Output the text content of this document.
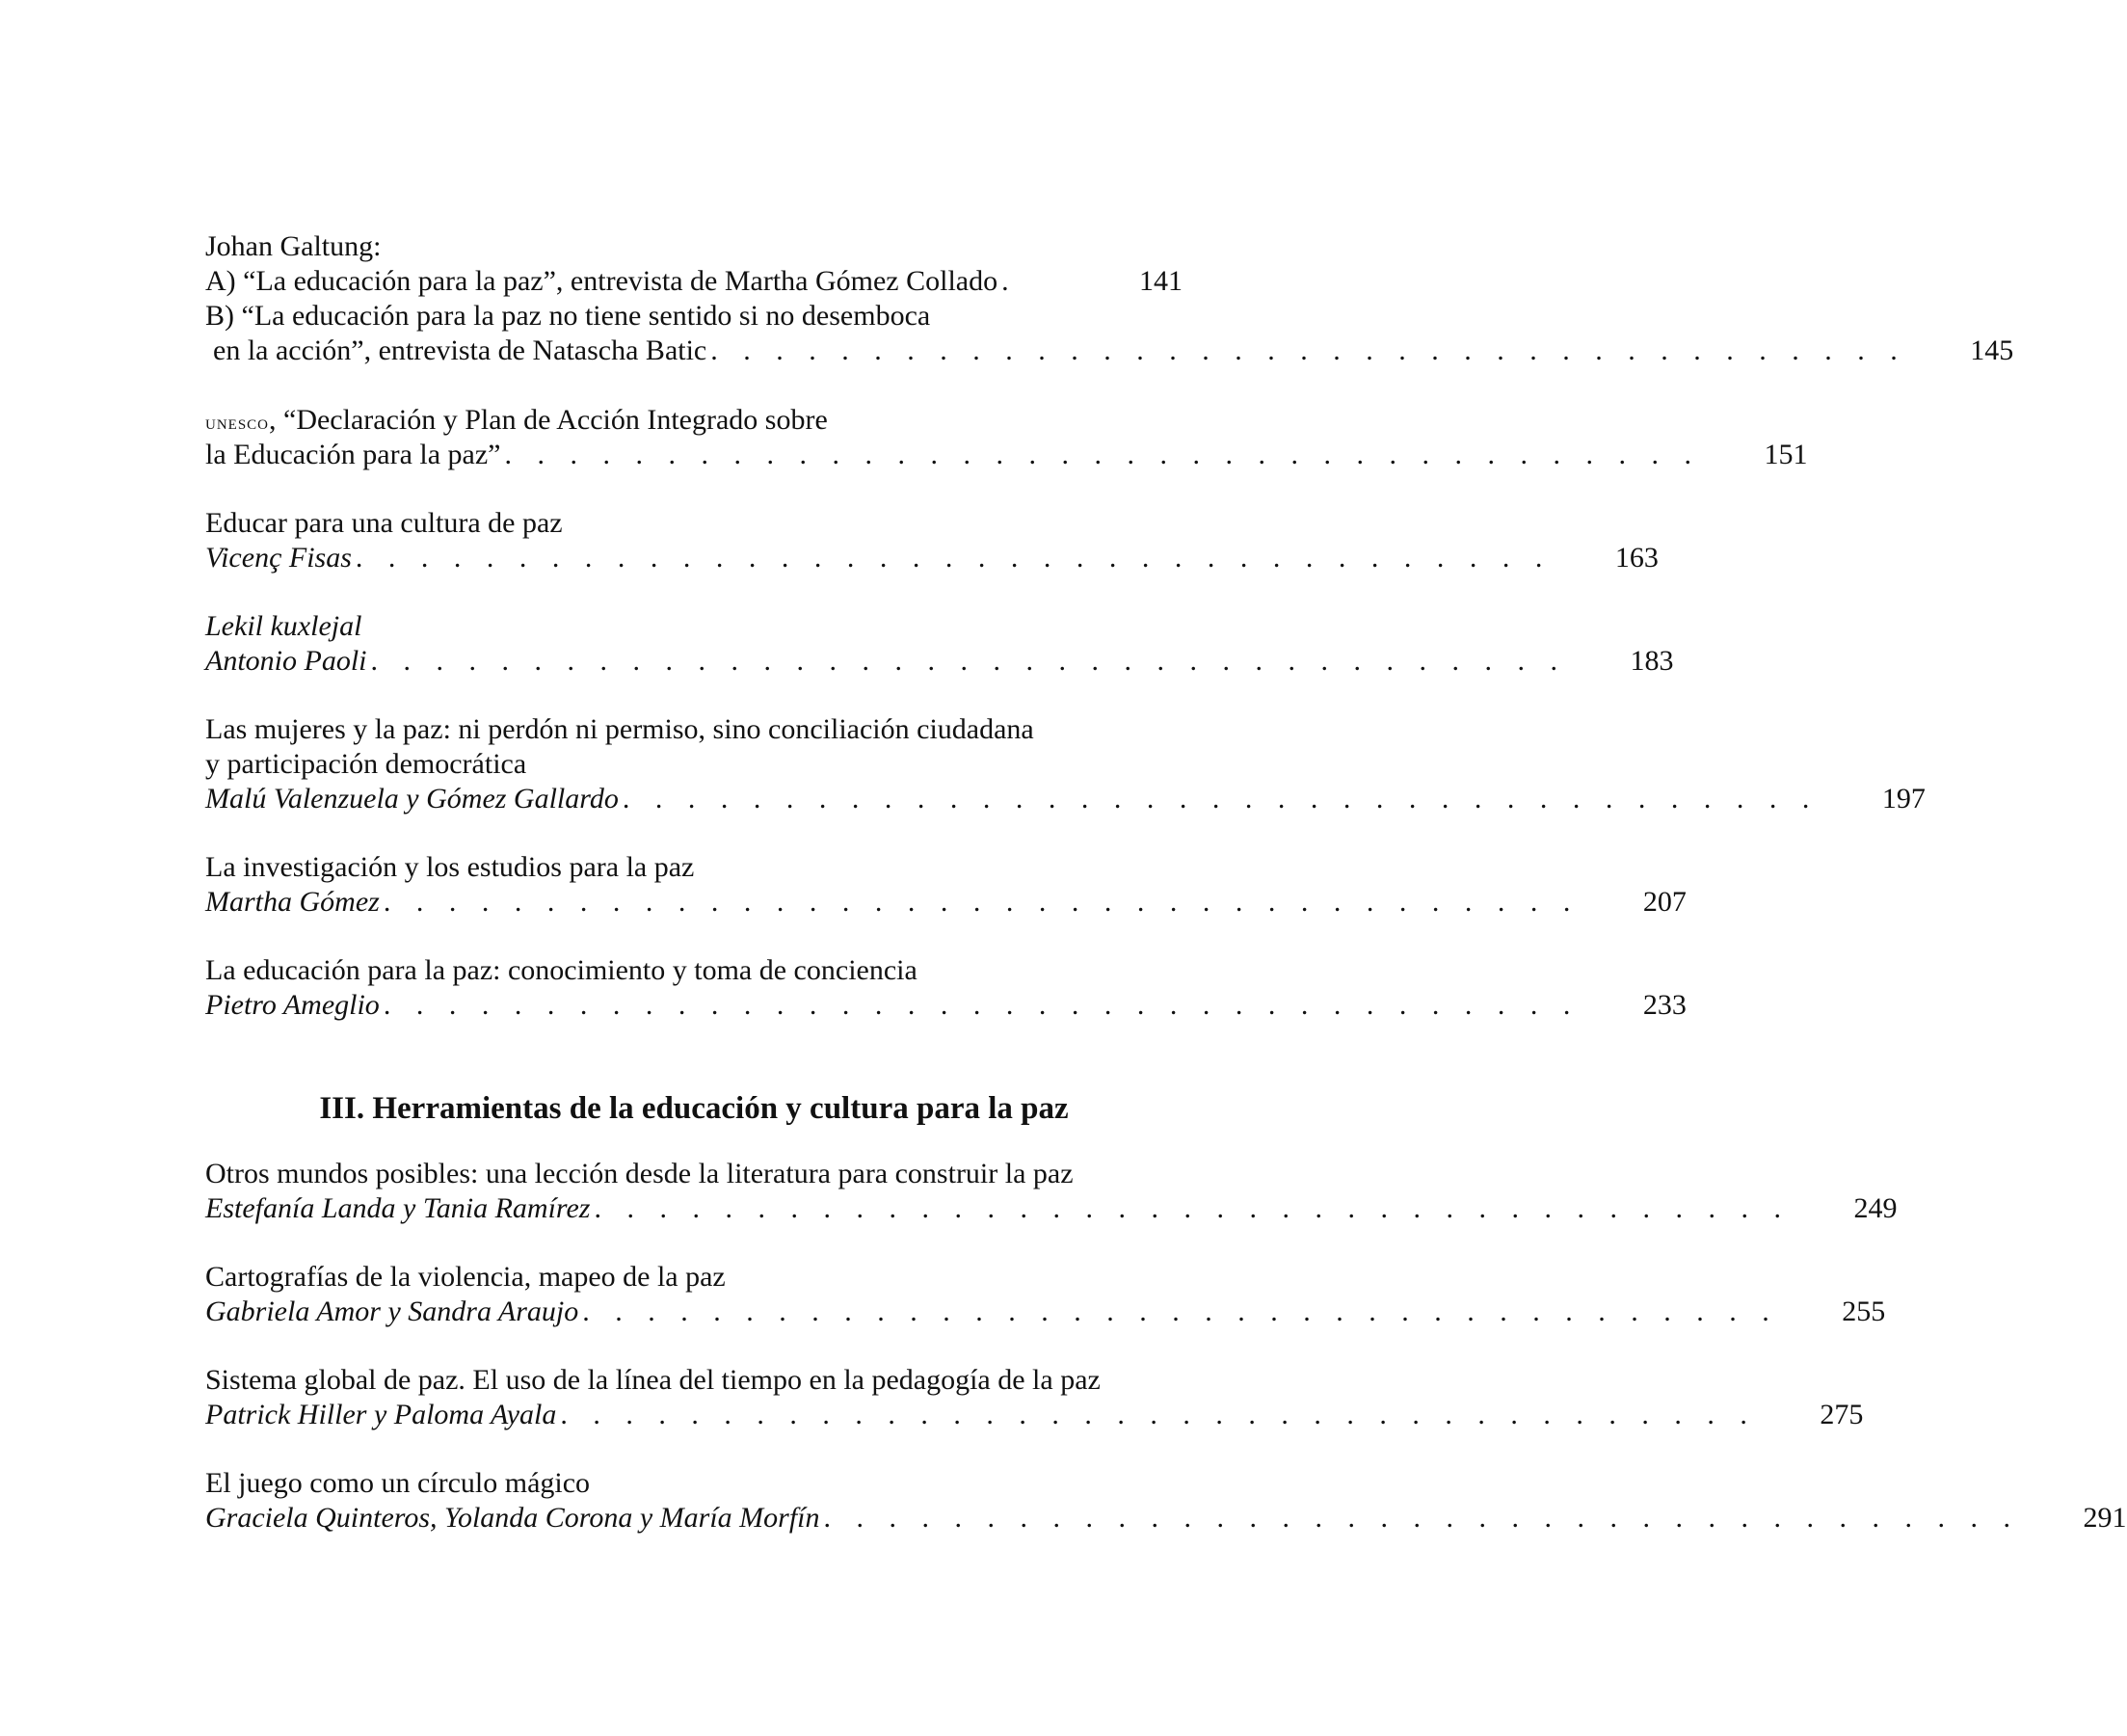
Johan Galtung:
A) “La educación para la paz”, entrevista de Martha Gómez Collado .	141
B) “La educación para la paz no tiene sentido si no desemboca
en la acción”, entrevista de Natascha Batic . . . . . . . . . . . . . . . . . . . . . . . . . . . . . . . . . . . . .	145
unesco, “Declaración y Plan de Acción Integrado sobre
la Educación para la paz” . . . . . . . . . . . . . . . . . . . . . . . . . . . . . . . . . . . . .	151
Educar para una cultura de paz
Vicenç Fisas . . . . . . . . . . . . . . . . . . . . . . . . . . . . . . . . . . . . .	163
Lekil kuxlejal
Antonio Paoli . . . . . . . . . . . . . . . . . . . . . . . . . . . . . . . . . . . . .	183
Las mujeres y la paz: ni perdón ni permiso, sino conciliación ciudadana
y participación democrática
Malú Valenzuela y Gómez Gallardo . . . . . . . . . . . . . . . . . . . . . . . . . . . . . . . . . . . . .	197
La investigación y los estudios para la paz
Martha Gómez . . . . . . . . . . . . . . . . . . . . . . . . . . . . . . . . . . . . .	207
La educación para la paz: conocimiento y toma de conciencia
Pietro Ameglio . . . . . . . . . . . . . . . . . . . . . . . . . . . . . . . . . . . . .	233
III. Herramientas de la educación y cultura para la paz
Otros mundos posibles: una lección desde la literatura para construir la paz
Estefanía Landa y Tania Ramírez . . . . . . . . . . . . . . . . . . . . . . . . . . . . . . . . . . . . .	249
Cartografías de la violencia, mapeo de la paz
Gabriela Amor y Sandra Araujo . . . . . . . . . . . . . . . . . . . . . . . . . . . . . . . . . . . . .	255
Sistema global de paz. El uso de la línea del tiempo en la pedagogía de la paz
Patrick Hiller y Paloma Ayala . . . . . . . . . . . . . . . . . . . . . . . . . . . . . . . . . . . . .	275
El juego como un círculo mágico
Graciela Quinteros, Yolanda Corona y María Morfín . . . . . . . . . . . . . . . . . . . . . . . . . . . . . . . . . . . . .	291
